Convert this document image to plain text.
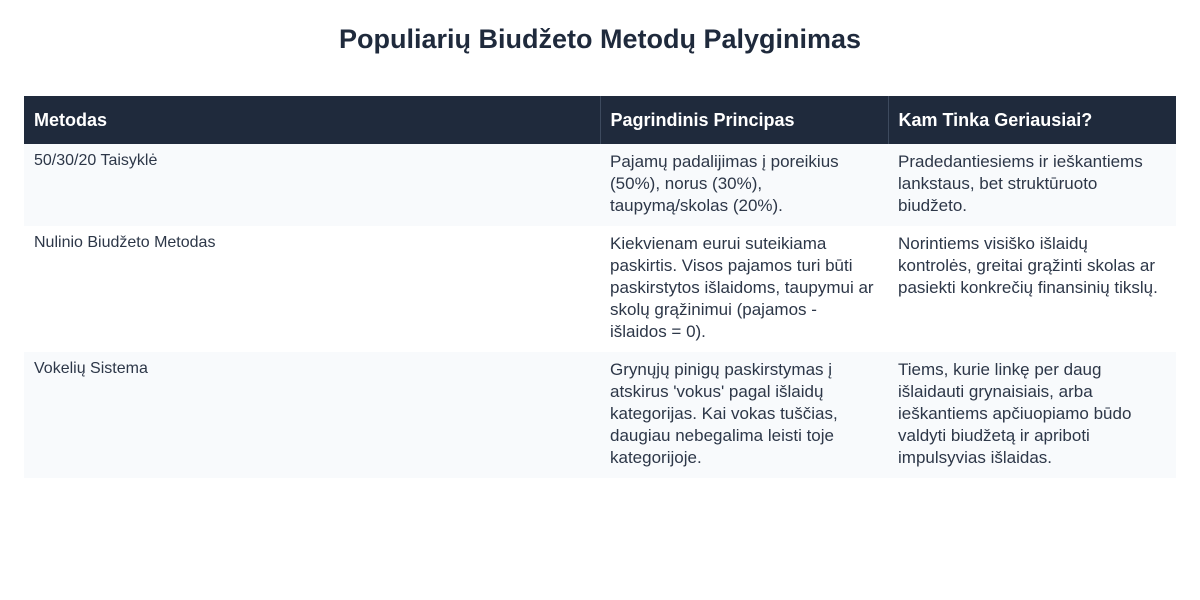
Populiarių Biudžeto Metodų Palyginimas
Metodas	Pagrindinis Principas	Kam Tinka Geriausiai?
50/30/20 Taisyklė	Pajamų padalijimas į poreikius (50%), norus (30%), taupymą/skolas (20%).	Pradedantiesiems ir ieškantiems lankstaus, bet struktūruoto biudžeto.
Nulinio Biudžeto Metodas	Kiekvienam eurui suteikiama paskirtis. Visos pajamos turi būti paskirstytos išlaidoms, taupymui ar skolų grąžinimui (pajamos - išlaidos = 0).	Norintiems visiško išlaidų kontrolės, greitai grąžinti skolas ar pasiekti konkrečių finansinių tikslų.
Vokelių Sistema	Grynųjų pinigų paskirstymas į atskirus 'vokus' pagal išlaidų kategorijas. Kai vokas tuščias, daugiau nebegalima leisti toje kategorijoje.	Tiems, kurie linkę per daug išlaidauti grynaisiais, arba ieškantiems apčiuopiamo būdo valdyti biudžetą ir apriboti impulsyvias išlaidas.
